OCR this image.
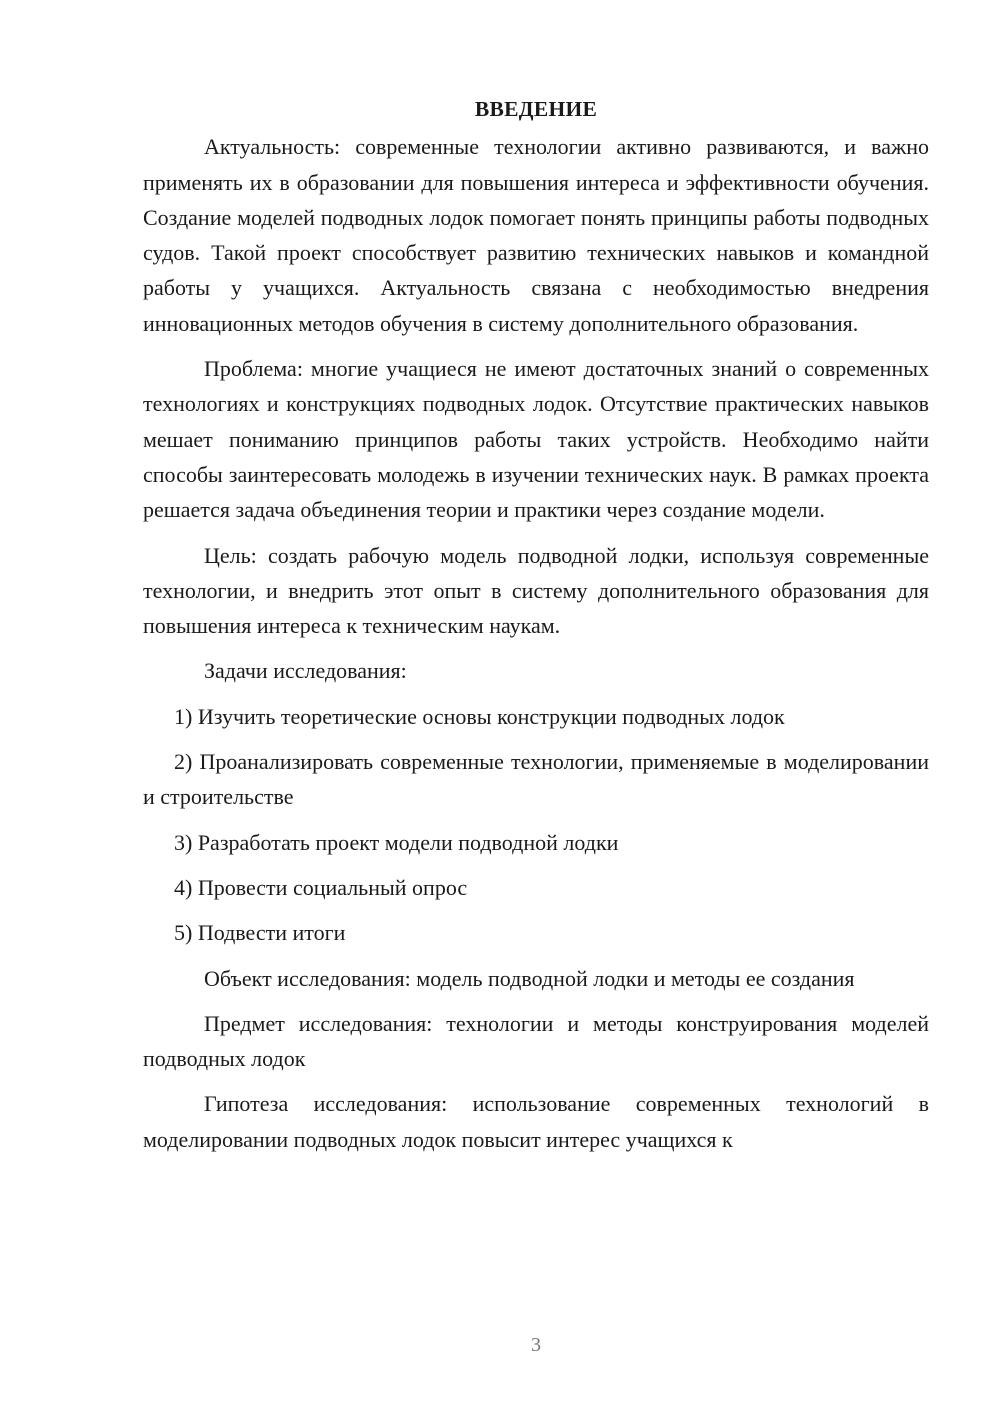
ВВЕДЕНИЕ

Актуальность: современные технологии активно развиваются, и важно применять их в образовании для повышения интереса и эффективности обучения. Создание моделей подводных лодок помогает понять принципы работы подводных судов. Такой проект способствует развитию технических навыков и командной работы у учащихся. Актуальность связана с необходимостью внедрения инновационных методов обучения в систему дополнительного образования.

Проблема: многие учащиеся не имеют достаточных знаний о современных технологиях и конструкциях подводных лодок. Отсутствие практических навыков мешает пониманию принципов работы таких устройств. Необходимо найти способы заинтересовать молодежь в изучении технических наук. В рамках проекта решается задача объединения теории и практики через создание модели.

Цель: создать рабочую модель подводной лодки, используя современные технологии, и внедрить этот опыт в систему дополнительного образования для повышения интереса к техническим наукам.

Задачи исследования:

1) Изучить теоретические основы конструкции подводных лодок

2) Проанализировать современные технологии, применяемые в моделировании и строительстве

3) Разработать проект модели подводной лодки

4) Провести социальный опрос

5) Подвести итоги

Объект исследования: модель подводной лодки и методы ее создания

Предмет исследования: технологии и методы конструирования моделей подводных лодок

Гипотеза исследования: использование современных технологий в моделировании подводных лодок повысит интерес учащихся к

3
